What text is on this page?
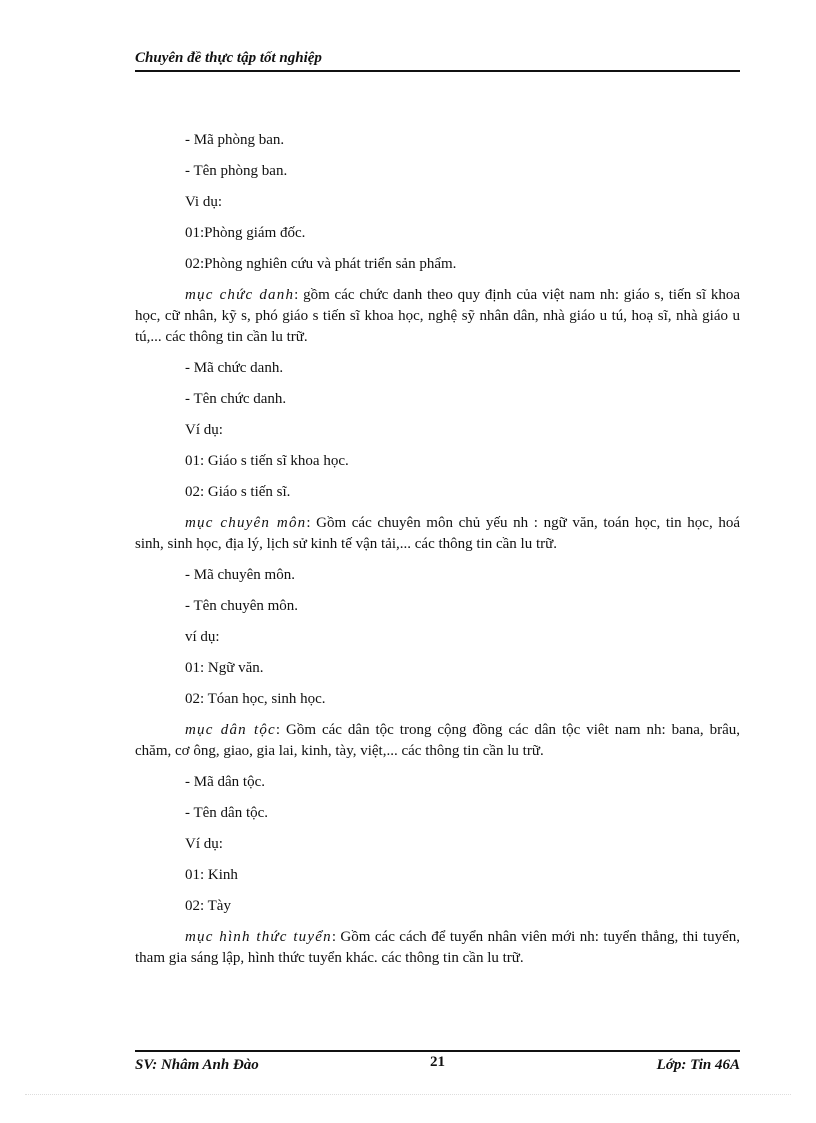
Chuyên đề thực tập tốt nghiệp

- Mã phòng ban.

- Tên phòng ban.

Vi dụ:

01:Phòng giám đốc.

02:Phòng nghiên cứu và phát triển sản phẩm.

mục chức danh: gồm các chức danh theo quy định của việt nam nh: giáo s, tiến sĩ khoa học, cữ nhân, kỹ s, phó giáo s tiến sĩ khoa học, nghệ sỹ nhân dân, nhà giáo u tú, hoạ sĩ, nhà giáo u tú,... các thông tin cần lu trữ.

- Mã chức danh.

- Tên chức danh.

Ví dụ:

01: Giáo s tiến sĩ khoa học.

02: Giáo s tiến sĩ.

mục chuyên môn: Gồm các chuyên môn chủ yếu nh : ngữ văn, toán học, tin học, hoá sinh, sinh học, địa lý, lịch sử kinh tế vận tải,... các thông tin cần lu trữ.

- Mã chuyên môn.

- Tên chuyên môn.

ví dụ:

01: Ngữ văn.

02: Tóan học, sinh học.

mục dân tộc: Gồm các dân tộc trong cộng đồng các dân tộc viêt nam nh: bana, brâu, chăm, cơ ông, giao, gia lai, kinh, tày, việt,... các thông tin cần lu trữ.

- Mã dân tộc.

- Tên dân tộc.

Ví dụ:

01: Kinh

02: Tày

mục hình thức tuyển: Gồm các cách để tuyển nhân viên mới nh: tuyển thẳng, thi tuyển, tham gia sáng lập, hình thức tuyển khác. các thông tin cần lu trữ.

SV: Nhâm Anh Đào	21	Lớp: Tin 46A
